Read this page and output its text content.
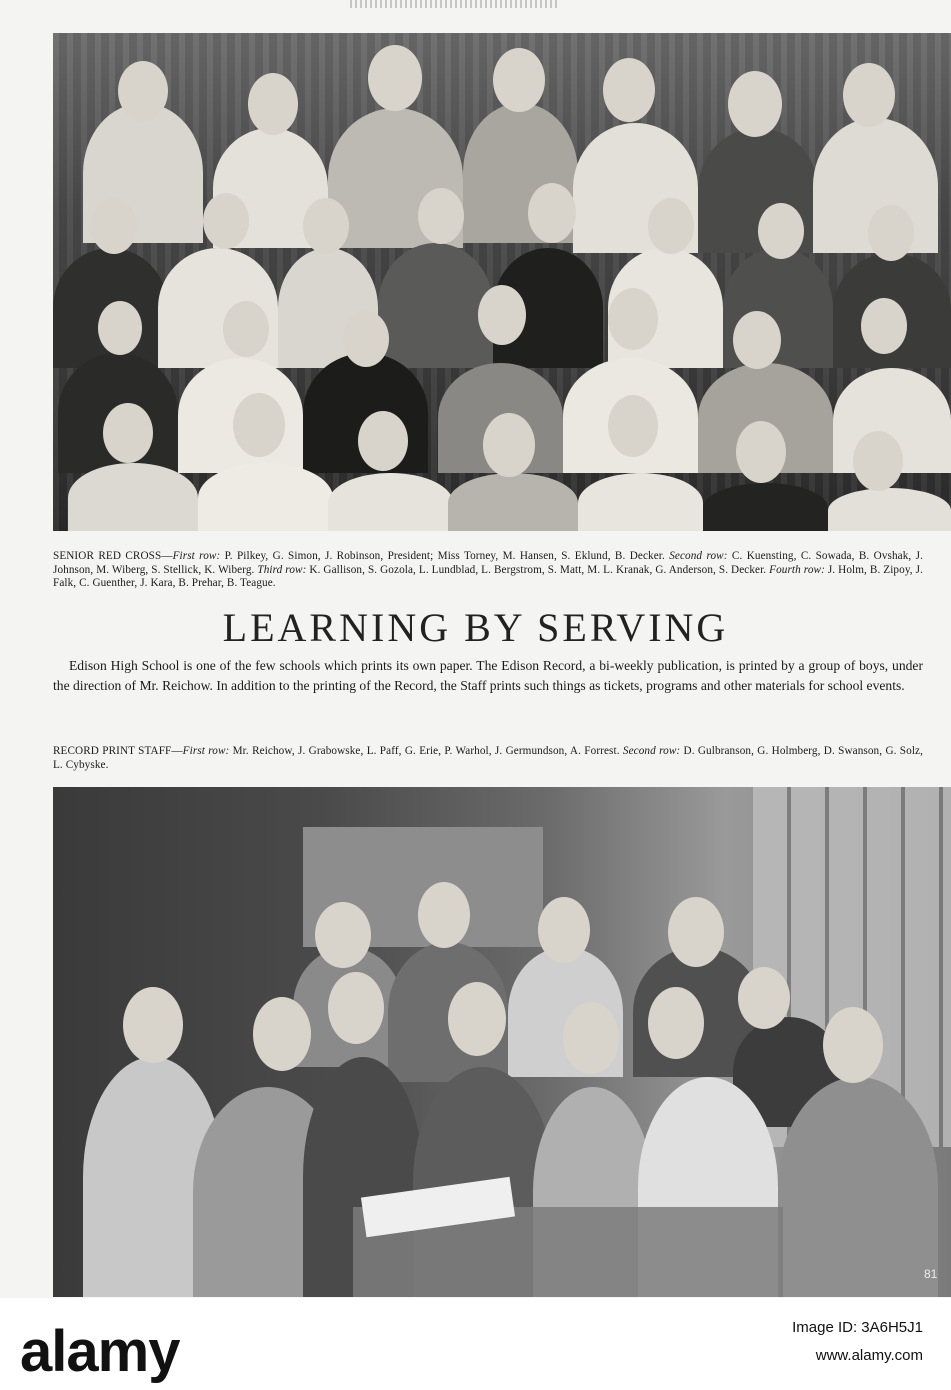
SENIOR RED CROSS—First row: P. Pilkey, G. Simon, J. Robinson, President; Miss Torney, M. Hansen, S. Eklund, B. Decker. Second row: C. Kuensting, C. Sowada, B. Ovshak, J. Johnson, M. Wiberg, S. Stellick, K. Wiberg. Third row: K. Gallison, S. Gozola, L. Lundblad, L. Bergstrom, S. Matt, M. L. Kranak, G. Anderson, S. Decker. Fourth row: J. Holm, B. Zipoy, J. Falk, C. Guenther, J. Kara, B. Prehar, B. Teague.

LEARNING BY SERVING

Edison High School is one of the few schools which prints its own paper. The Edison Record, a bi-weekly publication, is printed by a group of boys, under the direction of Mr. Reichow. In addition to the printing of the Record, the Staff prints such things as tickets, programs and other materials for school events.

RECORD PRINT STAFF—First row: Mr. Reichow, J. Grabowske, L. Paff, G. Erie, P. Warhol, J. Germundson, A. Forrest. Second row: D. Gulbranson, G. Holmberg, D. Swanson, G. Solz, L. Cybyske.

81
alamy	Image ID: 3A6H5J1
www.alamy.com
